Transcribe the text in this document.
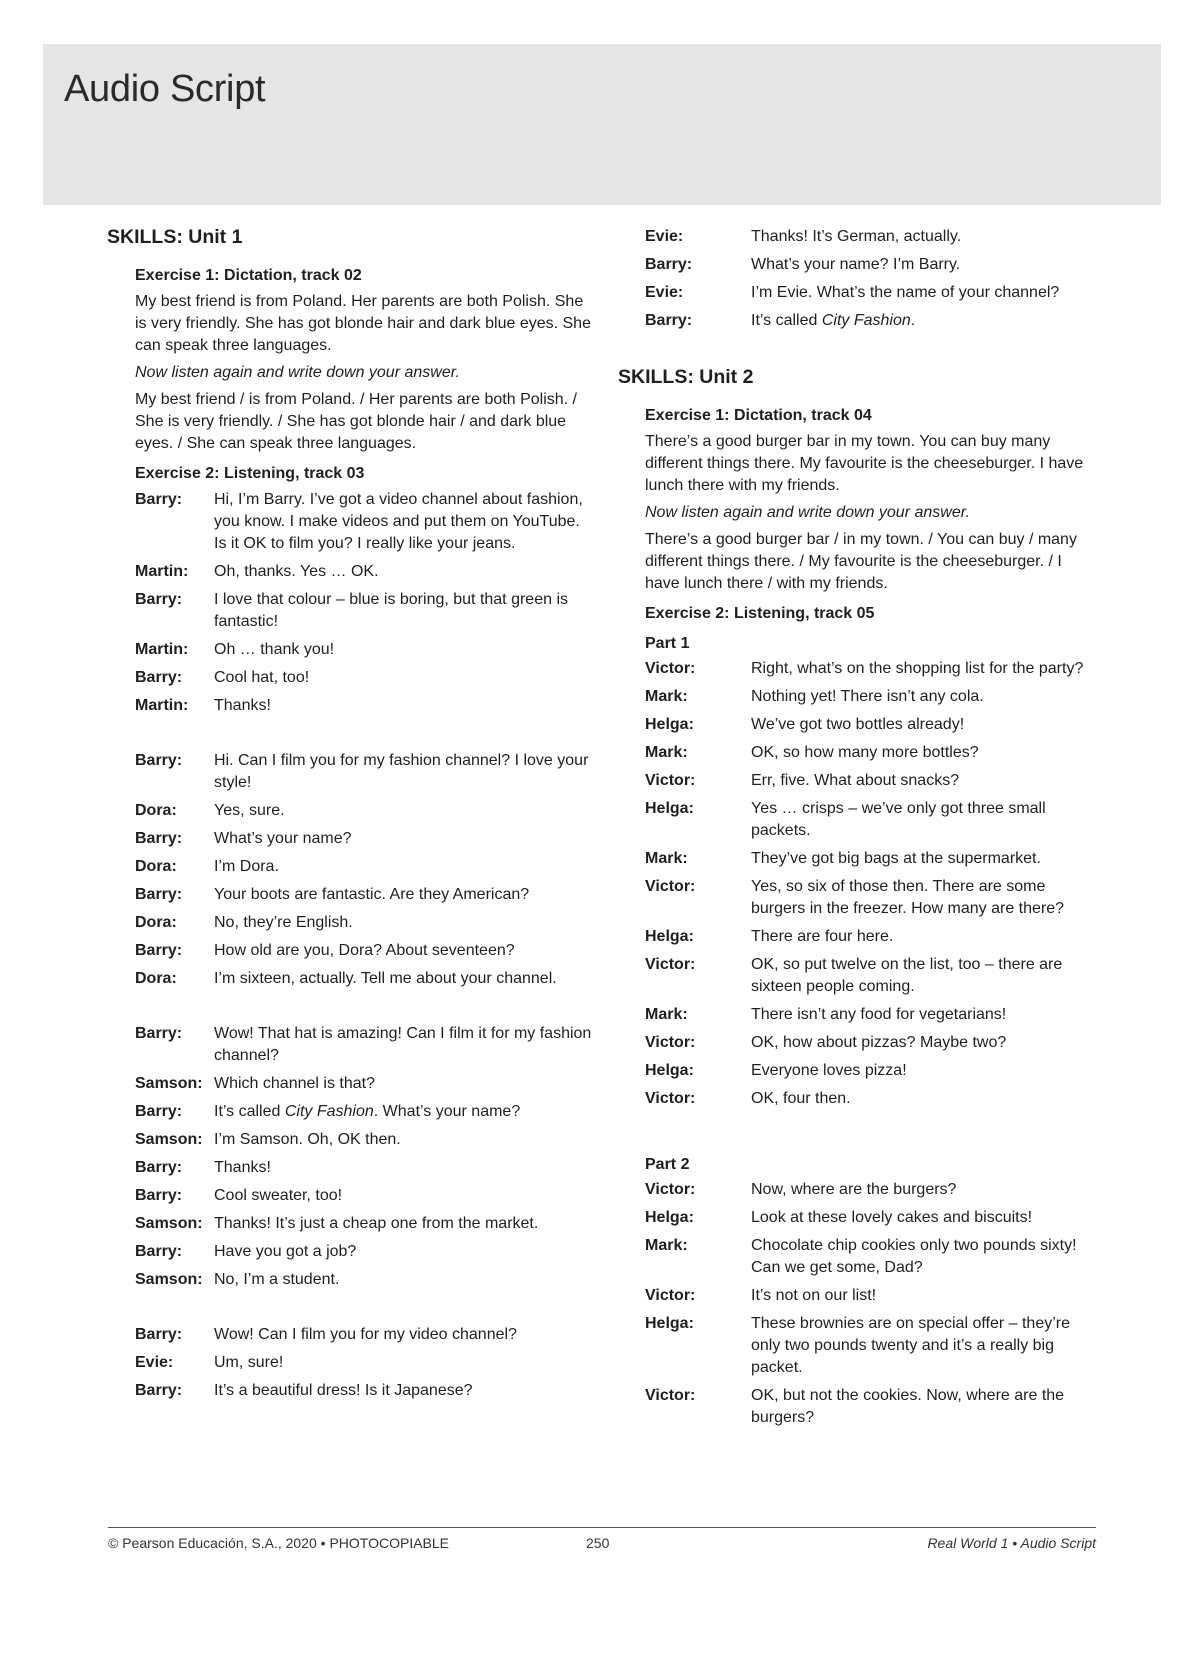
Audio Script
SKILLS: Unit 1
Exercise 1: Dictation, track 02

My best friend is from Poland. Her parents are both Polish. She is very friendly. She has got blonde hair and dark blue eyes. She can speak three languages.

Now listen again and write down your answer.

My best friend / is from Poland. / Her parents are both Polish. / She is very friendly. / She has got blonde hair / and dark blue eyes. / She can speak three languages.

Exercise 2: Listening, track 03
Barry:	Hi, I’m Barry. I’ve got a video channel about fashion, you know. I make videos and put them on YouTube. Is it OK to film you? I really like your jeans.
Martin:	Oh, thanks. Yes … OK.
Barry:	I love that colour – blue is boring, but that green is fantastic!
Martin:	Oh … thank you!
Barry:	Cool hat, too!
Martin:	Thanks!
Barry:	Hi. Can I film you for my fashion channel? I love your style!
Dora:	Yes, sure.
Barry:	What’s your name?
Dora:	I’m Dora.
Barry:	Your boots are fantastic. Are they American?
Dora:	No, they’re English.
Barry:	How old are you, Dora? About seventeen?
Dora:	I’m sixteen, actually. Tell me about your channel.
Barry:	Wow! That hat is amazing! Can I film it for my fashion channel?
Samson: Which channel is that?
Barry:	It’s called City Fashion. What’s your name?
Samson: I’m Samson. Oh, OK then.
Barry:	Thanks!
Barry:	Cool sweater, too!
Samson: Thanks! It’s just a cheap one from the market.
Barry:	Have you got a job?
Samson: No, I’m a student.
Barry:	Wow! Can I film you for my video channel?
Evie:	Um, sure!
Barry:	It’s a beautiful dress! Is it Japanese?
Evie:	Thanks! It’s German, actually.
Barry:	What’s your name? I’m Barry.
Evie:	I’m Evie. What’s the name of your channel?
Barry:	It’s called City Fashion.
SKILLS: Unit 2
Exercise 1: Dictation, track 04

There’s a good burger bar in my town. You can buy many different things there. My favourite is the cheeseburger. I have lunch there with my friends.

Now listen again and write down your answer.

There’s a good burger bar / in my town. / You can buy / many different things there. / My favourite is the cheeseburger. / I have lunch there / with my friends.

Exercise 2: Listening, track 05
Part 1
Victor:	Right, what’s on the shopping list for the party?
Mark:	Nothing yet! There isn’t any cola.
Helga:	We’ve got two bottles already!
Mark:	OK, so how many more bottles?
Victor:	Err, five. What about snacks?
Helga:	Yes … crisps – we’ve only got three small packets.
Mark:	They’ve got big bags at the supermarket.
Victor:	Yes, so six of those then. There are some burgers in the freezer. How many are there?
Helga:	There are four here.
Victor:	OK, so put twelve on the list, too – there are sixteen people coming.
Mark:	There isn’t any food for vegetarians!
Victor:	OK, how about pizzas? Maybe two?
Helga:	Everyone loves pizza!
Victor:	OK, four then.
Part 2
Victor:	Now, where are the burgers?
Helga:	Look at these lovely cakes and biscuits!
Mark:	Chocolate chip cookies only two pounds sixty! Can we get some, Dad?
Victor:	It’s not on our list!
Helga:	These brownies are on special offer – they’re only two pounds twenty and it’s a really big packet.
Victor:	OK, but not the cookies. Now, where are the burgers?
© Pearson Educación, S.A., 2020 • PHOTOCOPIABLE	250	Real World 1 • Audio Script
